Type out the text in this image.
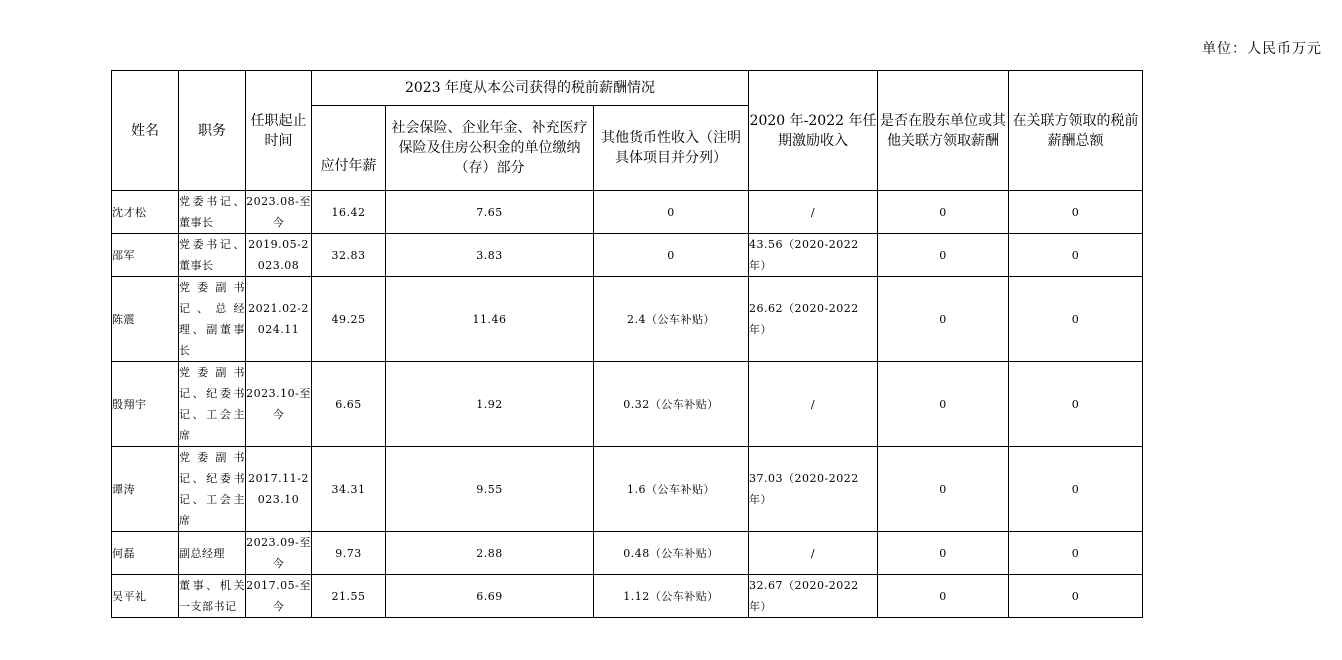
单位：人民币万元
姓名	职务	任职起止时间	2023 年度从本公司获得的税前薪酬情况			2020 年-2022 年任期激励收入	是否在股东单位或其他关联方领取薪酬	在关联方领取的税前薪酬总额
			应付年薪	社会保险、企业年金、补充医疗保险及住房公积金的单位缴纳（存）部分	其他货币性收入（注明具体项目并分列）			
沈才松	党委书记、董事长	2023.08-至今	16.42	7.65	0	/	0	0
邵军	党委书记、董事长	2019.05-2023.08	32.83	3.83	0	43.56（2020-2022 年）	0	0
陈震	党委副书记、总经理、副董事长	2021.02-2024.11	49.25	11.46	2.4（公车补贴）	26.62（2020-2022 年）	0	0
殷翔宇	党委副书记、纪委书记、工会主席	2023.10-至今	6.65	1.92	0.32（公车补贴）	/	0	0
谭涛	党委副书记、纪委书记、工会主席	2017.11-2023.10	34.31	9.55	1.6（公车补贴）	37.03（2020-2022 年）	0	0
何磊	副总经理	2023.09-至今	9.73	2.88	0.48（公车补贴）	/	0	0
吴平礼	董事、机关一支部书记	2017.05-至今	21.55	6.69	1.12（公车补贴）	32.67（2020-2022 年）	0	0
